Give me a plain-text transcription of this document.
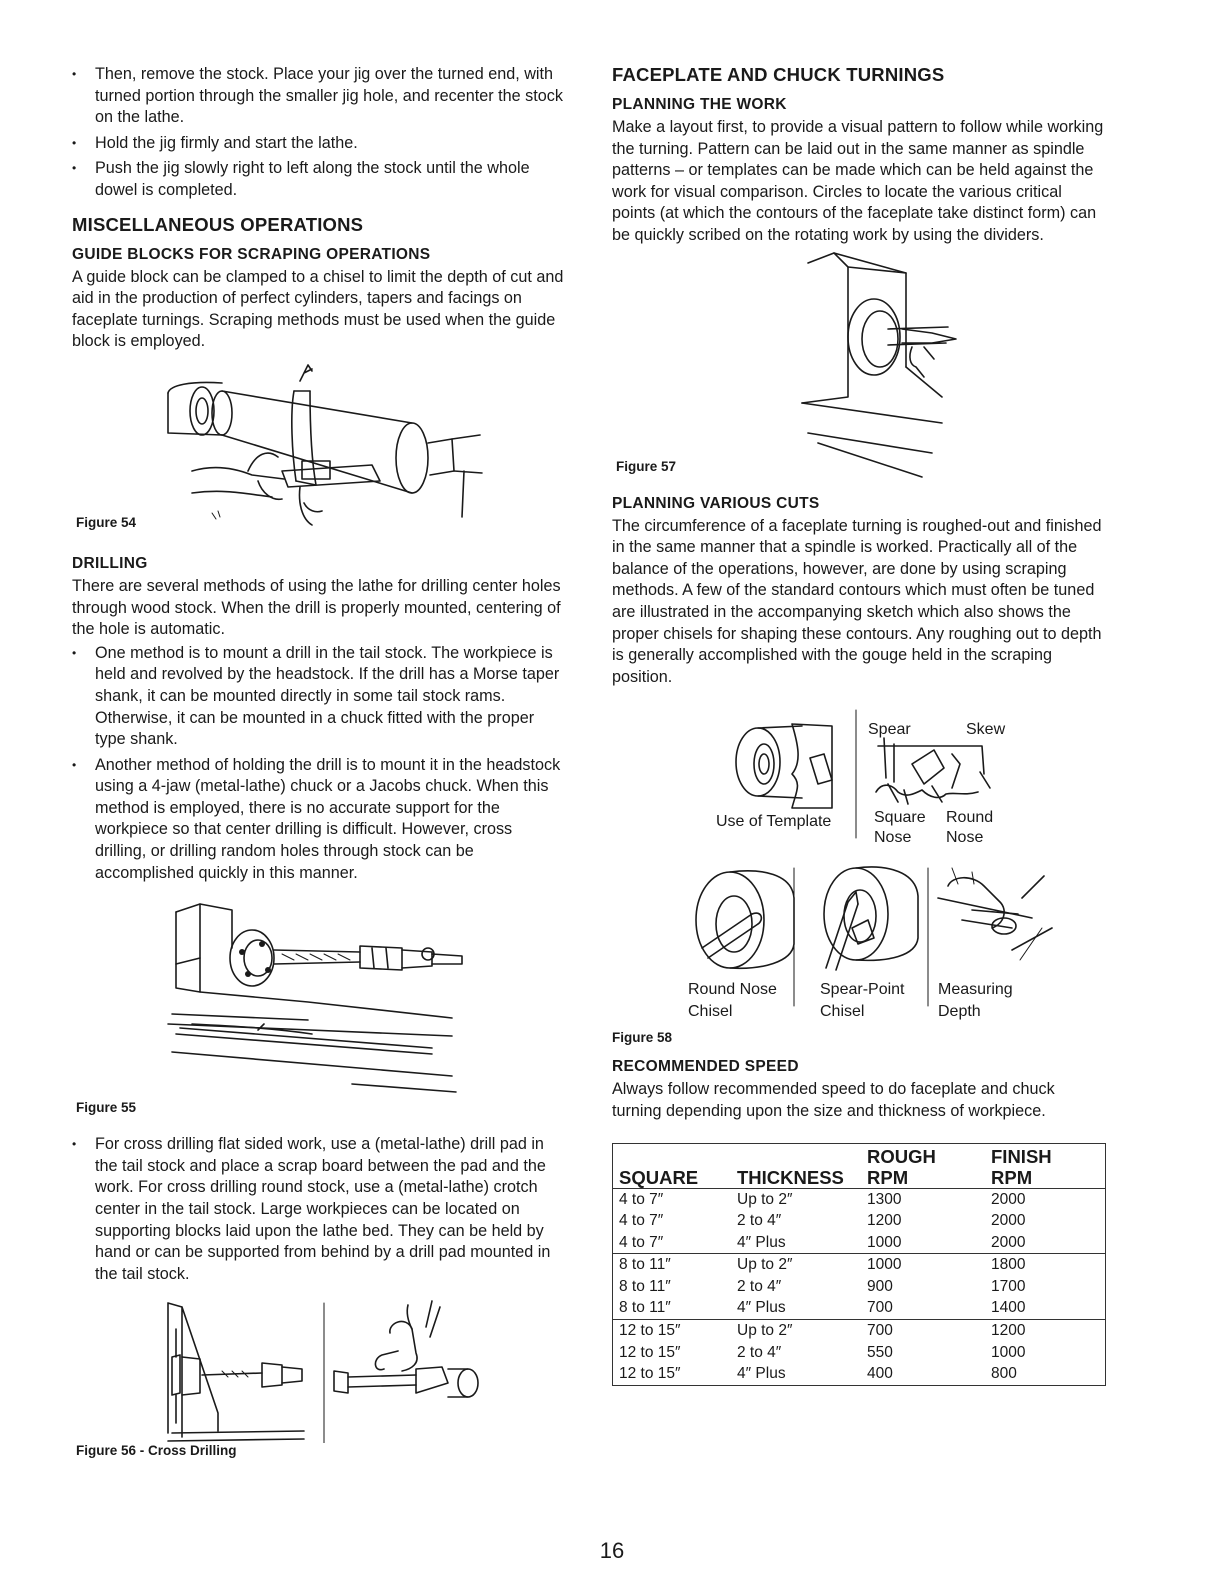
• Then, remove the stock. Place your jig over the turned end, with turned portion through the smaller jig hole, and recenter the stock on the lathe.
• Hold the jig firmly and start the lathe.
• Push the jig slowly right to left along the stock until the whole dowel is completed.
MISCELLANEOUS OPERATIONS
GUIDE BLOCKS FOR SCRAPING OPERATIONS

A guide block can be clamped to a chisel to limit the depth of cut and aid in the production of perfect cylinders, tapers and facings on faceplate turnings. Scraping methods must be used when the guide block is employed.

Figure 54
DRILLING

There are several methods of using the lathe for drilling center holes through wood stock. When the drill is properly mounted, centering of the hole is automatic.

• One method is to mount a drill in the tail stock. The workpiece is held and revolved by the headstock. If the drill has a Morse taper shank, it can be mounted directly in some tail stock rams. Otherwise, it can be mounted in a chuck fitted with the proper type shank.
• Another method of holding the drill is to mount it in the headstock using a 4-jaw (metal-lathe) chuck or a Jacobs chuck. When this method is employed, there is no accurate support for the workpiece so that center drilling is difficult. However, cross drilling, or drilling random holes through stock can be accomplished quickly in this manner.
Figure 55
• For cross drilling flat sided work, use a (metal-lathe) drill pad in the tail stock and place a scrap board between the pad and the work. For cross drilling round stock, use a (metal-lathe) crotch center in the tail stock. Large workpieces can be located on supporting blocks laid upon the lathe bed. They can be held by hand or can be supported from behind by a drill pad mounted in the tail stock.
Figure 56 - Cross Drilling
FACEPLATE AND CHUCK TURNINGS
PLANNING THE WORK

Make a layout first, to provide a visual pattern to follow while working the turning. Pattern can be laid out in the same manner as spindle patterns – or templates can be made which can be held against the work for visual comparison. Circles to locate the various critical points (at which the contours of the faceplate take distinct form) can be quickly scribed on the rotating work by using the dividers.

Figure 57
PLANNING VARIOUS CUTS

The circumference of a faceplate turning is roughed-out and finished in the same manner that a spindle is worked. Practically all of the balance of the operations, however, are done by using scraping methods. A few of the standard contours which must often be tuned are illustrated in the accompanying sketch which also shows the proper chisels for shaping these contours. Any roughing out to depth is generally accomplished with the gouge held in the scraping position.

Spear	Skew
Use of Template	Square Round
Nose Nose
Round Nose
Chisel
Spear-Point
Chisel
Measuring
Depth
Figure 58
RECOMMENDED SPEED

Always follow recommended speed to do faceplate and chuck turning depending upon the size and thickness of workpiece.

		ROUGH	FINISH
SQUARE	THICKNESS	RPM	RPM
4 to 7″	Up to 2″	1300	2000
4 to 7″	2 to 4″	1200	2000
4 to 7″	4″ Plus	1000	2000
8 to 11″	Up to 2″	1000	1800
8 to 11″	2 to 4″	900	1700
8 to 11″	4″ Plus	700	1400
12 to 15″	Up to 2″	700	1200
12 to 15″	2 to 4″	550	1000
12 to 15″	4″ Plus	400	800
16
